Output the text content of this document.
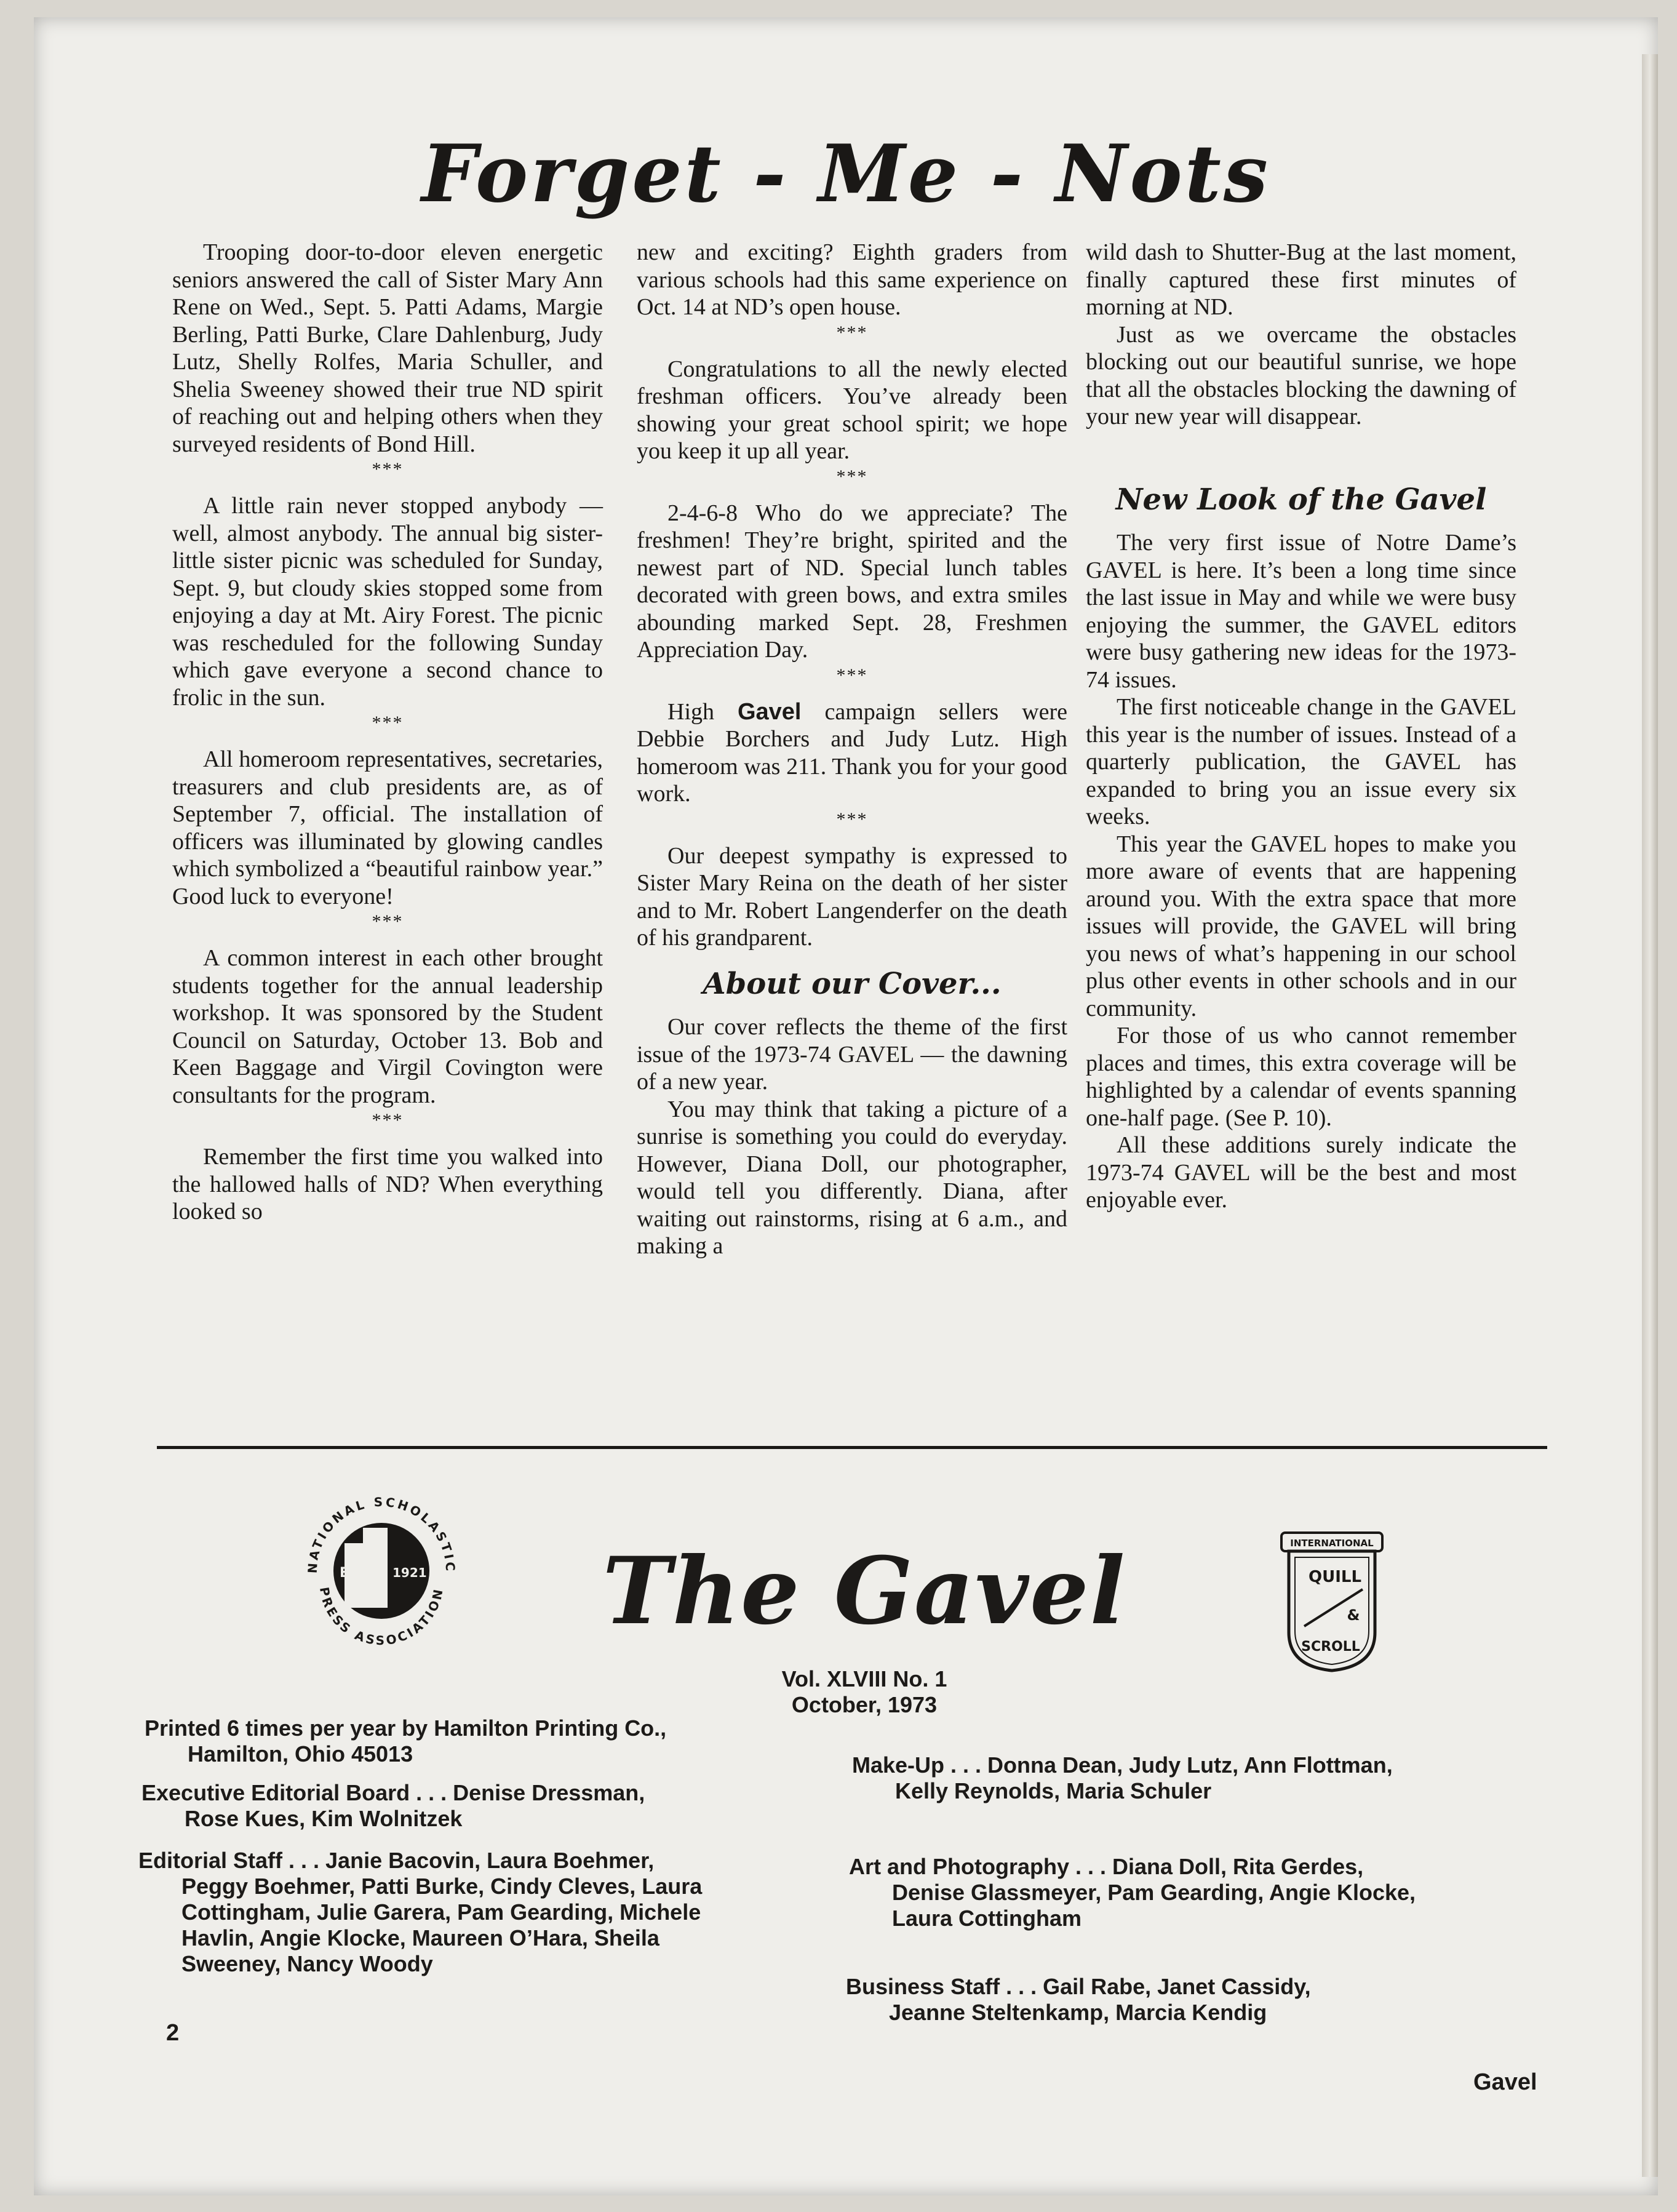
Forget - Me - Nots

Trooping door-to-door eleven energetic seniors answered the call of Sister Mary Ann Rene on Wed., Sept. 5. Patti Adams, Margie Berling, Patti Burke, Clare Dahlenburg, Judy Lutz, Shelly Rolfes, Maria Schuller, and Shelia Sweeney showed their true ND spirit of reaching out and helping others when they surveyed residents of Bond Hill.

***

A little rain never stopped anybody — well, almost anybody. The annual big sister-little sister picnic was scheduled for Sunday, Sept. 9, but cloudy skies stopped some from enjoying a day at Mt. Airy Forest. The picnic was rescheduled for the following Sunday which gave everyone a second chance to frolic in the sun.

***

All homeroom representatives, secretaries, treasurers and club presidents are, as of September 7, official. The installation of officers was illuminated by glowing candles which symbolized a “beautiful rainbow year.” Good luck to everyone!

***

A common interest in each other brought students together for the annual leadership workshop. It was sponsored by the Student Council on Saturday, October 13. Bob and Keen Baggage and Virgil Covington were consultants for the program.

***

Remember the first time you walked into the hallowed halls of ND? When everything looked so

new and exciting? Eighth graders from various schools had this same experience on Oct. 14 at ND’s open house.

***

Congratulations to all the newly elected freshman officers. You’ve already been showing your great school spirit; we hope you keep it up all year.

***

2-4-6-8 Who do we appreciate? The freshmen! They’re bright, spirited and the newest part of ND. Special lunch tables decorated with green bows, and extra smiles abounding marked Sept. 28, Freshmen Appreciation Day.

***

High Gavel campaign sellers were Debbie Borchers and Judy Lutz. High homeroom was 211. Thank you for your good work.

***

Our deepest sympathy is expressed to Sister Mary Reina on the death of her sister and to Mr. Robert Langenderfer on the death of his grandparent.

About our Cover...

Our cover reflects the theme of the first issue of the 1973-74 GAVEL — the dawning of a new year.

You may think that taking a picture of a sunrise is something you could do everyday. However, Diana Doll, our photographer, would tell you differently. Diana, after waiting out rainstorms, rising at 6 a.m., and making a

wild dash to Shutter-Bug at the last moment, finally captured these first minutes of morning at ND.

Just as we overcame the obstacles blocking out our beautiful sunrise, we hope that all the obstacles blocking the dawning of your new year will disappear.

New Look of the Gavel

The very first issue of Notre Dame’s GAVEL is here. It’s been a long time since the last issue in May and while we were busy enjoying the summer, the GAVEL editors were busy gathering new ideas for the 1973-74 issues.

The first noticeable change in the GAVEL this year is the number of issues. Instead of a quarterly publication, the GAVEL has expanded to bring you an issue every six weeks.

This year the GAVEL hopes to make you more aware of events that are happening around you. With the extra space that more issues will provide, the GAVEL will bring you news of what’s happening in our school plus other events in other schools and in our community.

For those of us who cannot remember places and times, this extra coverage will be highlighted by a calendar of events spanning one-half page. (See P. 10).

All these additions surely indicate the 1973-74 GAVEL will be the best and most enjoyable ever.

NATIONAL SCHOLASTIC
PRESS ASSOCIATION
Est. 1921 The Gavel
Vol. XLVIII No. 1
October, 1973
INTERNATIONAL
QUILL
&
SCROLL
Printed 6 times per year by Hamilton Printing Co.,
Hamilton, Ohio 45013
Executive Editorial Board . . . Denise Dressman,
Rose Kues, Kim Wolnitzek
Editorial Staff . . . Janie Bacovin, Laura Boehmer,
Peggy Boehmer, Patti Burke, Cindy Cleves, Laura
Cottingham, Julie Garera, Pam Gearding, Michele
Havlin, Angie Klocke, Maureen O’Hara, Sheila
Sweeney, Nancy Woody
Make-Up . . . Donna Dean, Judy Lutz, Ann Flottman,
Kelly Reynolds, Maria Schuler
Art and Photography . . . Diana Doll, Rita Gerdes,
Denise Glassmeyer, Pam Gearding, Angie Klocke,
Laura Cottingham
Business Staff . . . Gail Rabe, Janet Cassidy,
Jeanne Steltenkamp, Marcia Kendig
2
Gavel
